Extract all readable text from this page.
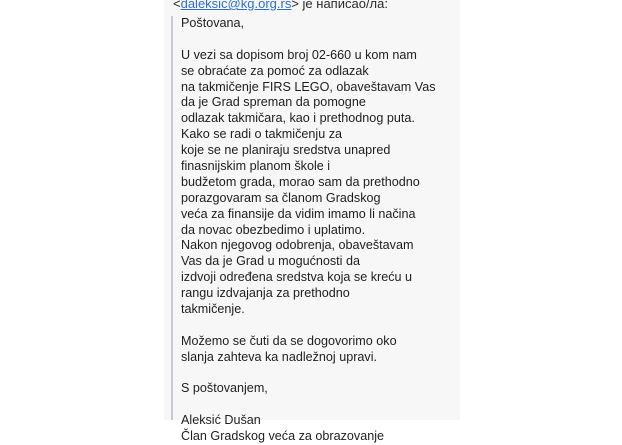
<daleksic@kg.org.rs> је написао/ла:
Poštovana,
U vezi sa dopisom broj 02-660 u kom nam
se obraćate za pomoć za odlazak
na takmičenje FIRS LEGO, obaveštavam Vas
da je Grad spreman da pomogne
odlazak takmičara, kao i prethodnog puta.
Kako se radi o takmičenju za
koje se ne planiraju sredstva unapred
finasnijskim planom škole i
budžetom grada, morao sam da prethodno
porazgovaram sa članom Gradskog
veća za finansije da vidim imamo li načina
da novac obezbedimo i uplatimo.
Nakon njegovog odobrenja, obaveštavam
Vas da je Grad u mogućnosti da
izdvoji određena sredstva koja se kreću u
rangu izdvajanja za prethodno
takmičenje.
Možemo se čuti da se dogovorimo oko
slanja zahteva ka nadležnoj upravi.
S poštovanjem,
Aleksić Dušan
Član Gradskog veća za obrazovanje
